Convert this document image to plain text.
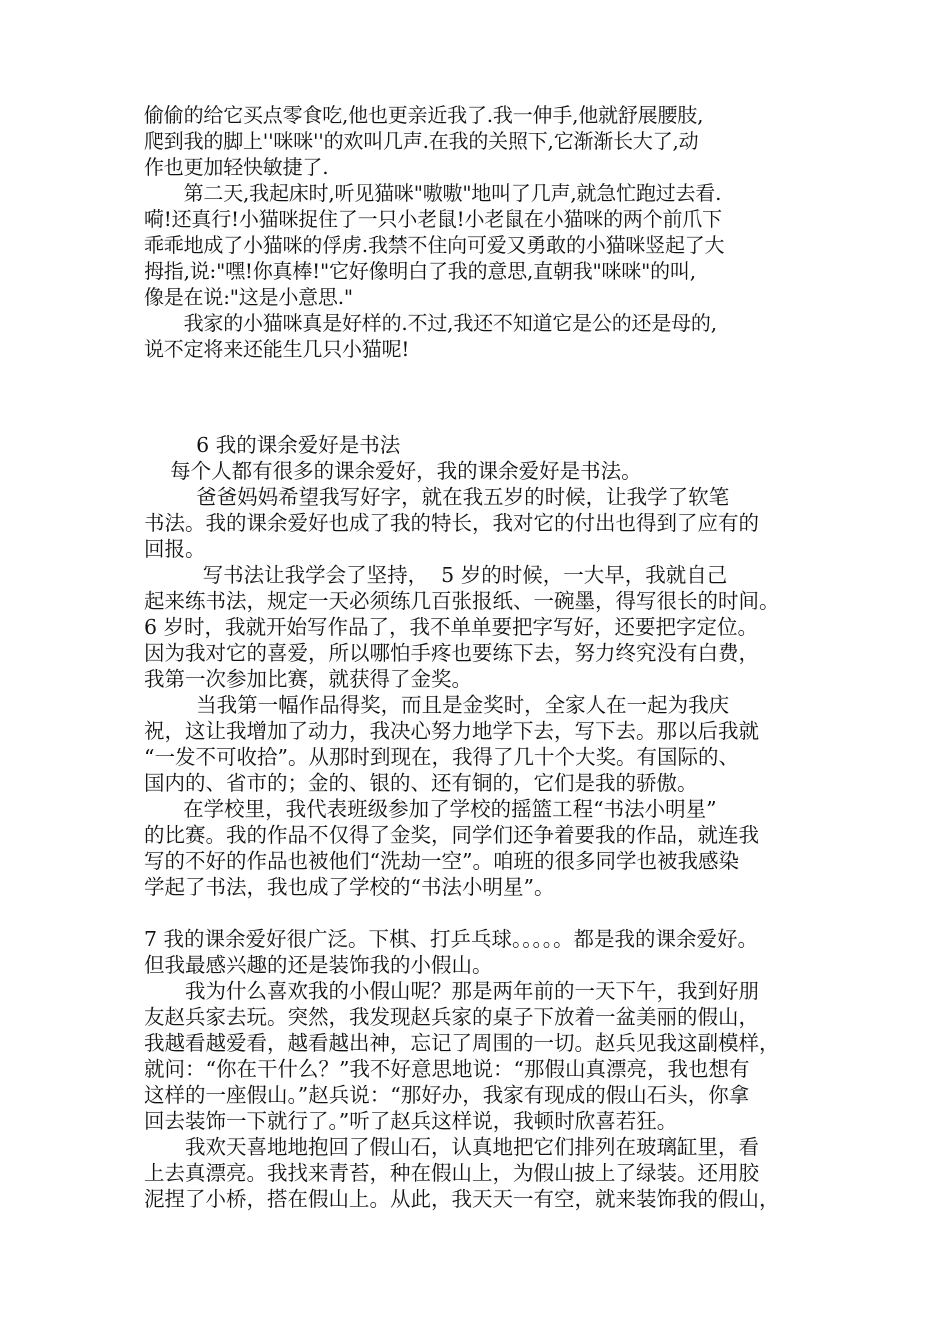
偷偷的给它买点零食吃,他也更亲近我了.我一伸手,他就舒展腰肢,
爬到我的脚上''咪咪''的欢叫几声.在我的关照下,它渐渐长大了,动
作也更加轻快敏捷了.
　　第二天,我起床时,听见猫咪"嗷嗷"地叫了几声,就急忙跑过去看.
嗬!还真行!小猫咪捉住了一只小老鼠!小老鼠在小猫咪的两个前爪下
乖乖地成了小猫咪的俘虏.我禁不住向可爱又勇敢的小猫咪竖起了大
拇指,说:"嘿!你真棒!"它好像明白了我的意思,直朝我"咪咪"的叫,
像是在说:"这是小意思."
　　我家的小猫咪真是好样的.不过,我还不知道它是公的还是母的,
说不定将来还能生几只小猫呢!
6 我的课余爱好是书法
每个人都有很多的课余爱好，我的课余爱好是书法。
爸爸妈妈希望我写好字，就在我五岁的时候，让我学了软笔
书法。我的课余爱好也成了我的特长，我对它的付出也得到了应有的
回报。
写书法让我学会了坚持，  5 岁的时候，一大早，我就自己
起来练书法，规定一天必须练几百张报纸、一碗墨，得写很长的时间。
6 岁时，我就开始写作品了，我不单单要把字写好，还要把字定位。
因为我对它的喜爱，所以哪怕手疼也要练下去，努力终究没有白费，
我第一次参加比赛，就获得了金奖。
当我第一幅作品得奖，而且是金奖时，全家人在一起为我庆
祝，这让我增加了动力，我决心努力地学下去，写下去。那以后我就
“一发不可收拾”。从那时到现在，我得了几十个大奖。有国际的、
国内的、省市的；金的、银的、还有铜的，它们是我的骄傲。
在学校里，我代表班级参加了学校的摇篮工程“书法小明星”
的比赛。我的作品不仅得了金奖，同学们还争着要我的作品，就连我
写的不好的作品也被他们“洗劫一空”。咱班的很多同学也被我感染
学起了书法，我也成了学校的“书法小明星”。
7 我的课余爱好很广泛。下棋、打乒乓球。。。。。都是我的课余爱好。
但我最感兴趣的还是装饰我的小假山。
　　我为什么喜欢我的小假山呢？那是两年前的一天下午，我到好朋
友赵兵家去玩。突然，我发现赵兵家的桌子下放着一盆美丽的假山，
我越看越爱看，越看越出神，忘记了周围的一切。赵兵见我这副模样，
就问：“你在干什么？”我不好意思地说：“那假山真漂亮，我也想有
这样的一座假山。”赵兵说：“那好办，我家有现成的假山石头，你拿
回去装饰一下就行了。”听了赵兵这样说，我顿时欣喜若狂。
　　我欢天喜地地抱回了假山石，认真地把它们排列在玻璃缸里，看
上去真漂亮。我找来青苔，种在假山上，为假山披上了绿装。还用胶
泥捏了小桥，搭在假山上。从此，我天天一有空，就来装饰我的假山，
